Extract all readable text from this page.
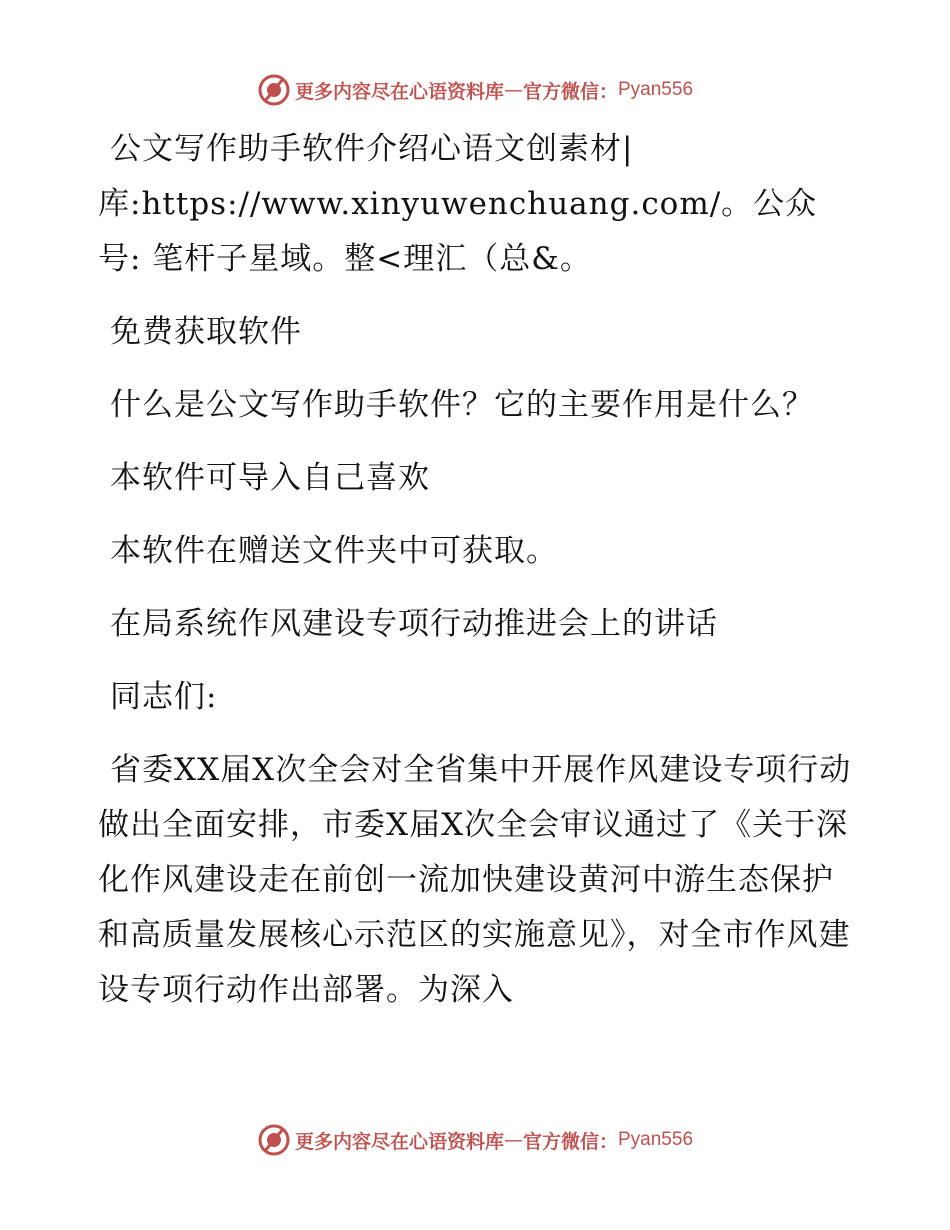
更多内容尽在心语资料库 — 官方微信： Pyan556

公文写作助手软件介绍心语文创素材|库:https://www.xinyuwenchuang.com/。公众号: 笔杆子星域。整<理汇（总&。

免费获取软件

什么是公文写作助手软件？它的主要作用是什么？

本软件可导入自己喜欢

本软件在赠送文件夹中可获取。

在局系统作风建设专项行动推进会上的讲话

同志们:

省委XX届X次全会对全省集中开展作风建设专项行动做出全面安排，市委X届X次全会审议通过了《关于深化作风建设走在前创一流加快建设黄河中游生态保护和高质量发展核心示范区的实施意见》，对全市作风建设专项行动作出部署。为深入

更多内容尽在心语资料库 — 官方微信： Pyan556
